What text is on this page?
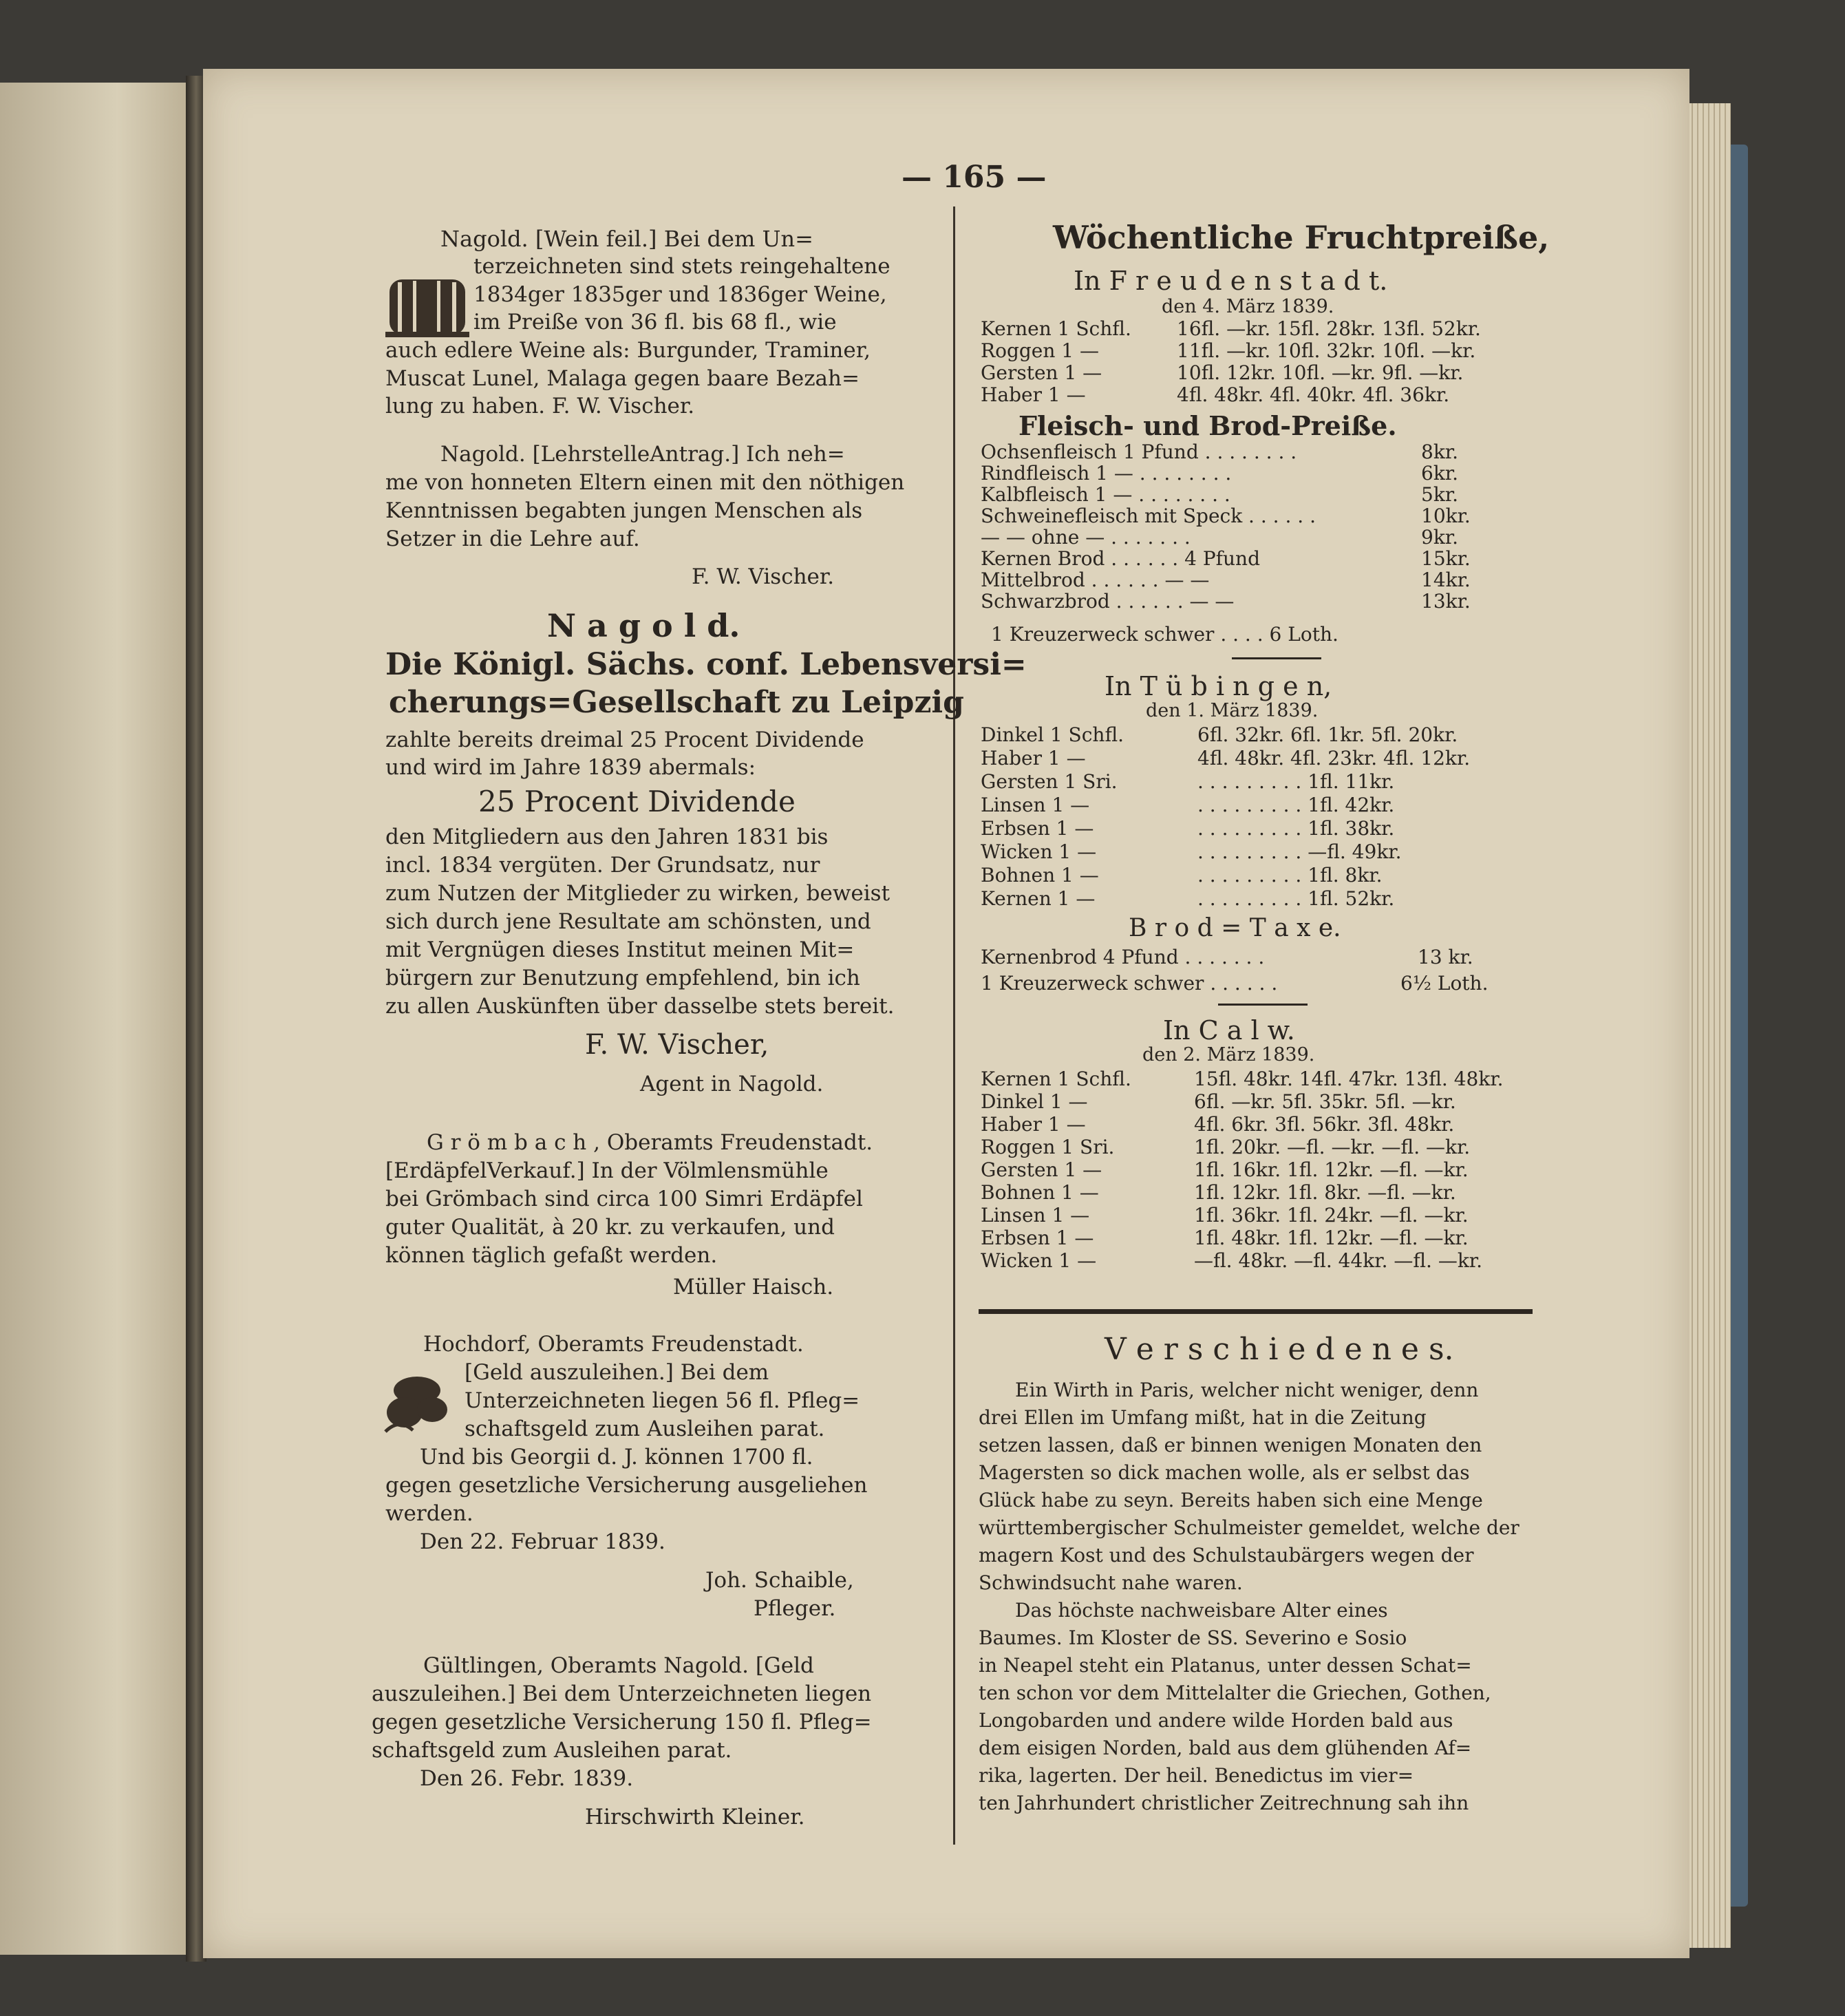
— 165 —
Nagold. [Wein feil.] Bei dem Un=
terzeichneten sind stets reingehaltene
1834ger 1835ger und 1836ger Weine,
im Preiße von 36 fl. bis 68 fl., wie
auch edlere Weine als: Burgunder, Traminer,
Muscat Lunel, Malaga gegen baare Bezah=
lung zu haben. F. W. Vischer.
Nagold. [LehrstelleAntrag.] Ich neh=
me von honneten Eltern einen mit den nöthigen
Kenntnissen begabten jungen Menschen als
Setzer in die Lehre auf.
F. W. Vischer.
N a g o l d.
Die Königl. Sächs. conf. Lebensversi=
cherungs=Gesellschaft zu Leipzig
zahlte bereits dreimal 25 Procent Dividende
und wird im Jahre 1839 abermals:
25 Procent Dividende
den Mitgliedern aus den Jahren 1831 bis
incl. 1834 vergüten. Der Grundsatz, nur
zum Nutzen der Mitglieder zu wirken, beweist
sich durch jene Resultate am schönsten, und
mit Vergnügen dieses Institut meinen Mit=
bürgern zur Benutzung empfehlend, bin ich
zu allen Auskünften über dasselbe stets bereit.
F. W. Vischer,
Agent in Nagold.
G r ö m b a c h , Oberamts Freudenstadt.
[ErdäpfelVerkauf.] In der Völmlensmühle
bei Grömbach sind circa 100 Simri Erdäpfel
guter Qualität, à 20 kr. zu verkaufen, und
können täglich gefaßt werden.
Müller Haisch.
Hochdorf, Oberamts Freudenstadt.
[Geld auszuleihen.] Bei dem
Unterzeichneten liegen 56 fl. Pfleg=
schaftsgeld zum Ausleihen parat.
Und bis Georgii d. J. können 1700 fl.
gegen gesetzliche Versicherung ausgeliehen
werden.
Den 22. Februar 1839.
Joh. Schaible,
Pfleger.
Gültlingen, Oberamts Nagold. [Geld
auszuleihen.] Bei dem Unterzeichneten liegen
gegen gesetzliche Versicherung 150 fl. Pfleg=
schaftsgeld zum Ausleihen parat.
Den 26. Febr. 1839.
Hirschwirth Kleiner.
Wöchentliche Fruchtpreiße,
In F r e u d e n s t a d t.
den 4. März 1839.
Kernen 1 Schfl. 16fl. —kr. 15fl. 28kr. 13fl. 52kr.
Roggen 1 —	11fl. —kr. 10fl. 32kr. 10fl. —kr.
Gersten 1 —	10fl. 12kr. 10fl. —kr. 9fl. —kr.
Haber 1 —	4fl. 48kr. 4fl. 40kr. 4fl. 36kr.
Fleisch- und Brod-Preiße.
Ochsenfleisch 1 Pfund . . . . . . . .	8kr.
Rindfleisch 1 — . . . . . . . .	6kr.
Kalbfleisch 1 — . . . . . . . .	5kr.
Schweinefleisch mit Speck . . . . . .	10kr.
— — ohne — . . . . . . .	9kr.
Kernen Brod . . . . . . 4 Pfund	15kr.
Mittelbrod . . . . . . — —	14kr.
Schwarzbrod . . . . . . — —	13kr.
1 Kreuzerweck schwer . . . . 6 Loth.
In T ü b i n g e n,
den 1. März 1839.
Dinkel 1 Schfl.	6fl. 32kr. 6fl. 1kr. 5fl. 20kr.
Haber 1 —	4fl. 48kr. 4fl. 23kr. 4fl. 12kr.
Gersten 1 Sri.	. . . . . . . . . 1fl. 11kr.
Linsen 1 —	. . . . . . . . . 1fl. 42kr.
Erbsen 1 —	. . . . . . . . . 1fl. 38kr.
Wicken 1 —	. . . . . . . . . —fl. 49kr.
Bohnen 1 —	. . . . . . . . . 1fl. 8kr.
Kernen 1 —	. . . . . . . . . 1fl. 52kr.
B r o d = T a x e.
Kernenbrod 4 Pfund . . . . . . .	13 kr.
1 Kreuzerweck schwer . . . . . .	6½ Loth.
In C a l w.
den 2. März 1839.
Kernen 1 Schfl.	15fl. 48kr. 14fl. 47kr. 13fl. 48kr.
Dinkel 1 —	6fl. —kr. 5fl. 35kr. 5fl. —kr.
Haber 1 —	4fl. 6kr. 3fl. 56kr. 3fl. 48kr.
Roggen 1 Sri.	1fl. 20kr. —fl. —kr. —fl. —kr.
Gersten 1 —	1fl. 16kr. 1fl. 12kr. —fl. —kr.
Bohnen 1 —	1fl. 12kr. 1fl. 8kr. —fl. —kr.
Linsen 1 —	1fl. 36kr. 1fl. 24kr. —fl. —kr.
Erbsen 1 —	1fl. 48kr. 1fl. 12kr. —fl. —kr.
Wicken 1 —	—fl. 48kr. —fl. 44kr. —fl. —kr.
V e r s c h i e d e n e s.
Ein Wirth in Paris, welcher nicht weniger, denn
drei Ellen im Umfang mißt, hat in die Zeitung
setzen lassen, daß er binnen wenigen Monaten den
Magersten so dick machen wolle, als er selbst das
Glück habe zu seyn. Bereits haben sich eine Menge
württembergischer Schulmeister gemeldet, welche der
magern Kost und des Schulstaubärgers wegen der
Schwindsucht nahe waren.
Das höchste nachweisbare Alter eines
Baumes. Im Kloster de SS. Severino e Sosio
in Neapel steht ein Platanus, unter dessen Schat=
ten schon vor dem Mittelalter die Griechen, Gothen,
Longobarden und andere wilde Horden bald aus
dem eisigen Norden, bald aus dem glühenden Af=
rika, lagerten. Der heil. Benedictus im vier=
ten Jahrhundert christlicher Zeitrechnung sah ihn
